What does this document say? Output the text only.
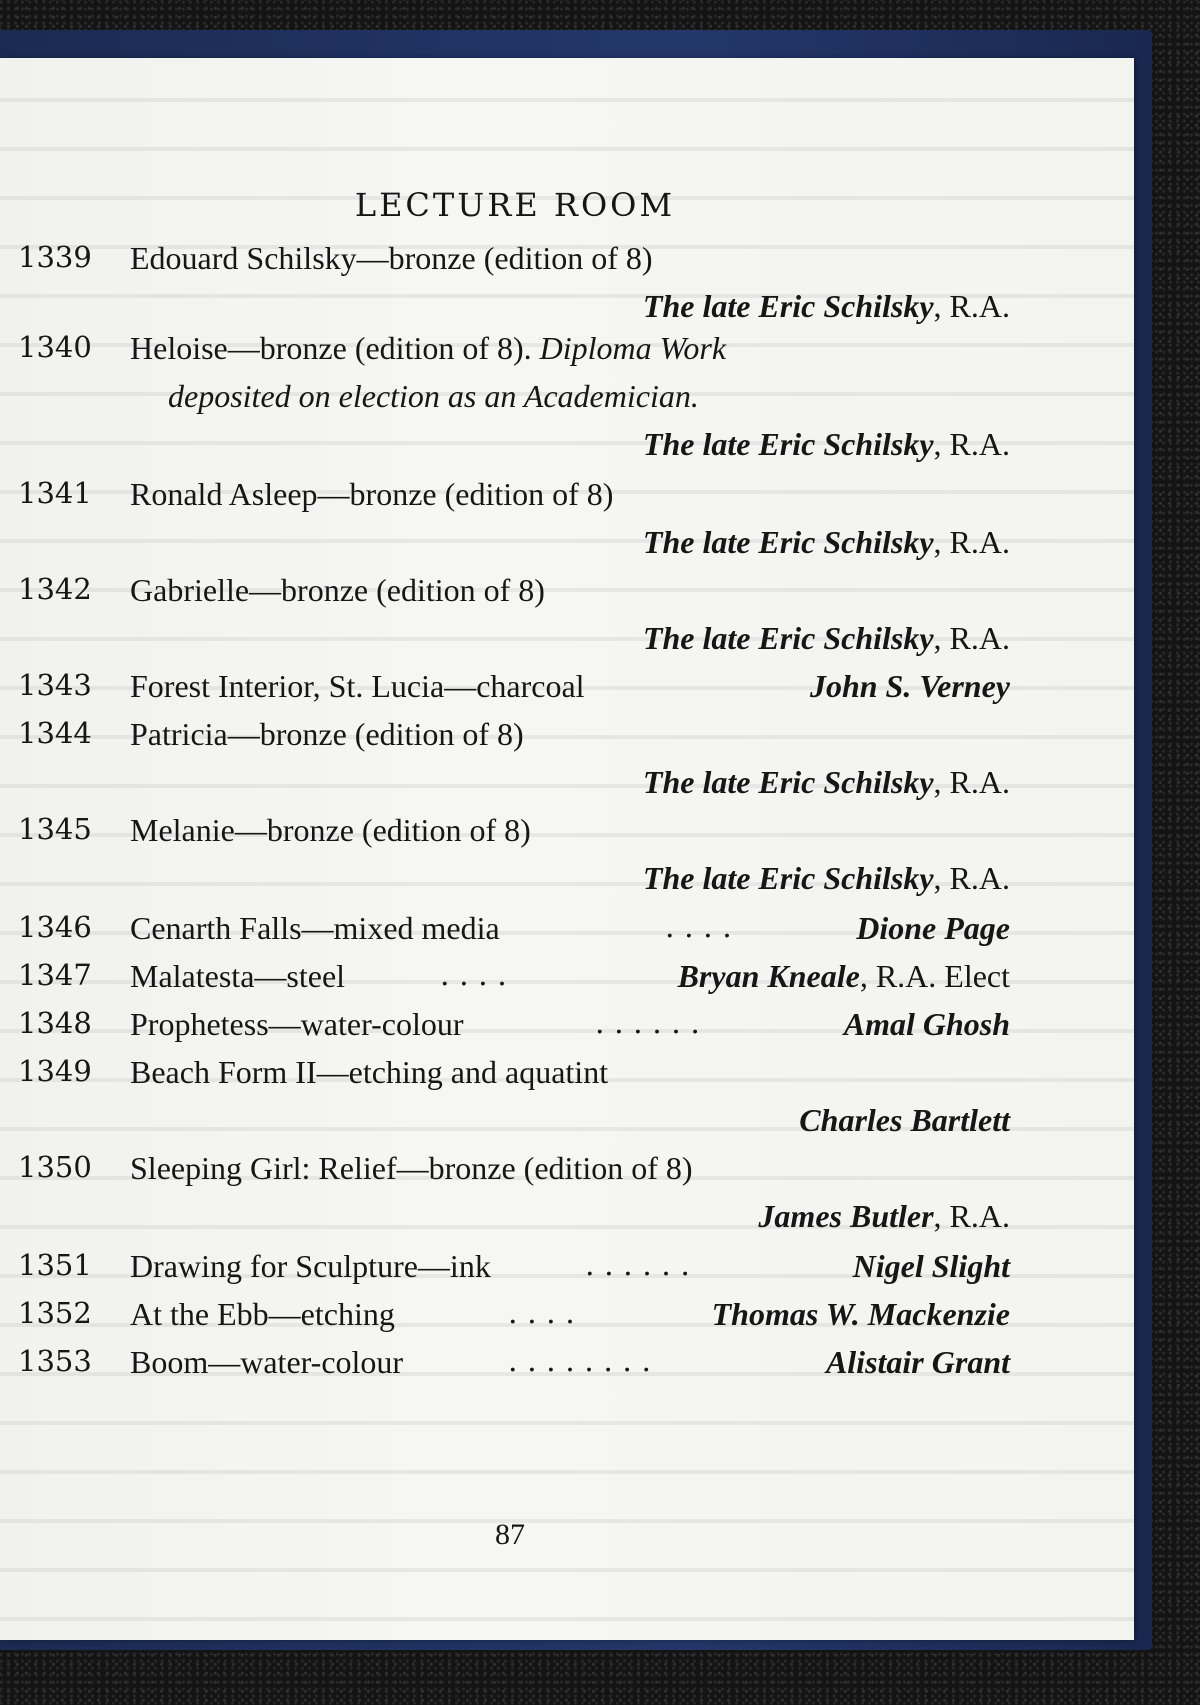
LECTURE ROOM
1339 Edouard Schilsky—bronze (edition of 8)
The late Eric Schilsky, R.A.
1340 Heloise—bronze (edition of 8). Diploma Work
deposited on election as an Academician.
The late Eric Schilsky, R.A.
1341 Ronald Asleep—bronze (edition of 8)
The late Eric Schilsky, R.A.
1342 Gabrielle—bronze (edition of 8)
The late Eric Schilsky, R.A.
1343 Forest Interior, St. Lucia—charcoal	John S. Verney
1344 Patricia—bronze (edition of 8)
The late Eric Schilsky, R.A.
1345 Melanie—bronze (edition of 8)
The late Eric Schilsky, R.A.
1346 Cenarth Falls—mixed media	. . . .	Dione Page
1347 Malatesta—steel	. . . .	Bryan Kneale, R.A. Elect
1348 Prophetess—water-colour	. . . . . .	Amal Ghosh
1349 Beach Form II—etching and aquatint
Charles Bartlett
1350 Sleeping Girl: Relief—bronze (edition of 8)
James Butler, R.A.
1351 Drawing for Sculpture—ink	. . . . . .	Nigel Slight
1352 At the Ebb—etching	. . . .	Thomas W. Mackenzie
1353 Boom—water-colour	. . . . . . . .	Alistair Grant
87
